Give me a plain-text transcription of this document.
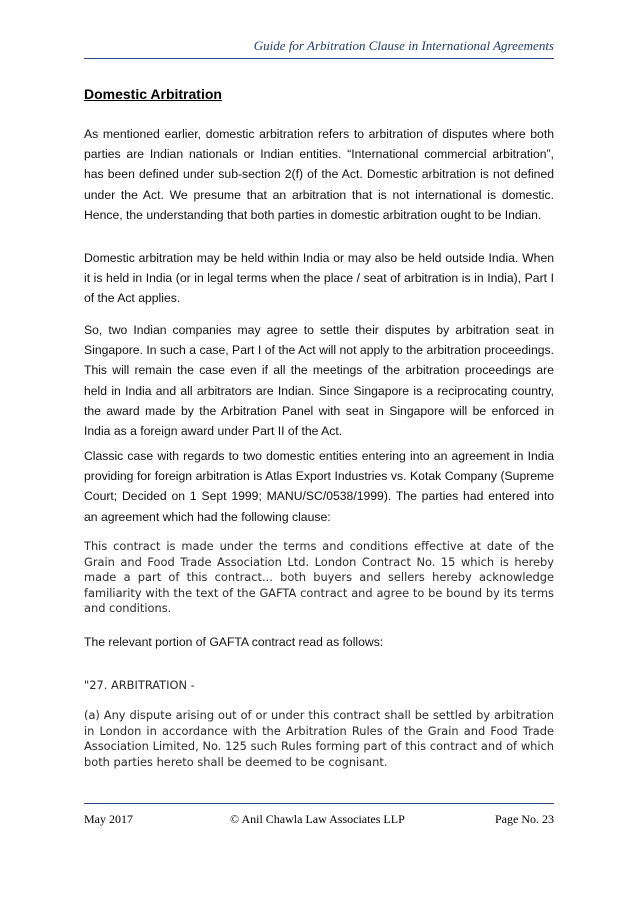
Guide for Arbitration Clause in International Agreements
Domestic Arbitration

As mentioned earlier, domestic arbitration refers to arbitration of disputes where both parties are Indian nationals or Indian entities. “International commercial arbitration”, has been defined under sub-section 2(f) of the Act. Domestic arbitration is not defined under the Act. We presume that an arbitration that is not international is domestic. Hence, the understanding that both parties in domestic arbitration ought to be Indian.

Domestic arbitration may be held within India or may also be held outside India. When it is held in India (or in legal terms when the place / seat of arbitration is in India), Part I of the Act applies.

So, two Indian companies may agree to settle their disputes by arbitration seat in Singapore. In such a case, Part I of the Act will not apply to the arbitration proceedings. This will remain the case even if all the meetings of the arbitration proceedings are held in India and all arbitrators are Indian. Since Singapore is a reciprocating country, the award made by the Arbitration Panel with seat in Singapore will be enforced in India as a foreign award under Part II of the Act.

Classic case with regards to two domestic entities entering into an agreement in India providing for foreign arbitration is Atlas Export Industries vs. Kotak Company (Supreme Court; Decided on 1 Sept 1999; MANU/SC/0538/1999). The parties had entered into an agreement which had the following clause:

This contract is made under the terms and conditions effective at date of the Grain and Food Trade Association Ltd. London Contract No. 15 which is hereby made a part of this contract... both buyers and sellers hereby acknowledge familiarity with the text of the GAFTA contract and agree to be bound by its terms and conditions.

The relevant portion of GAFTA contract read as follows:

"27. ARBITRATION -

(a) Any dispute arising out of or under this contract shall be settled by arbitration in London in accordance with the Arbitration Rules of the Grain and Food Trade Association Limited, No. 125 such Rules forming part of this contract and of which both parties hereto shall be deemed to be cognisant.

May 2017	© Anil Chawla Law Associates LLP	Page No. 23
